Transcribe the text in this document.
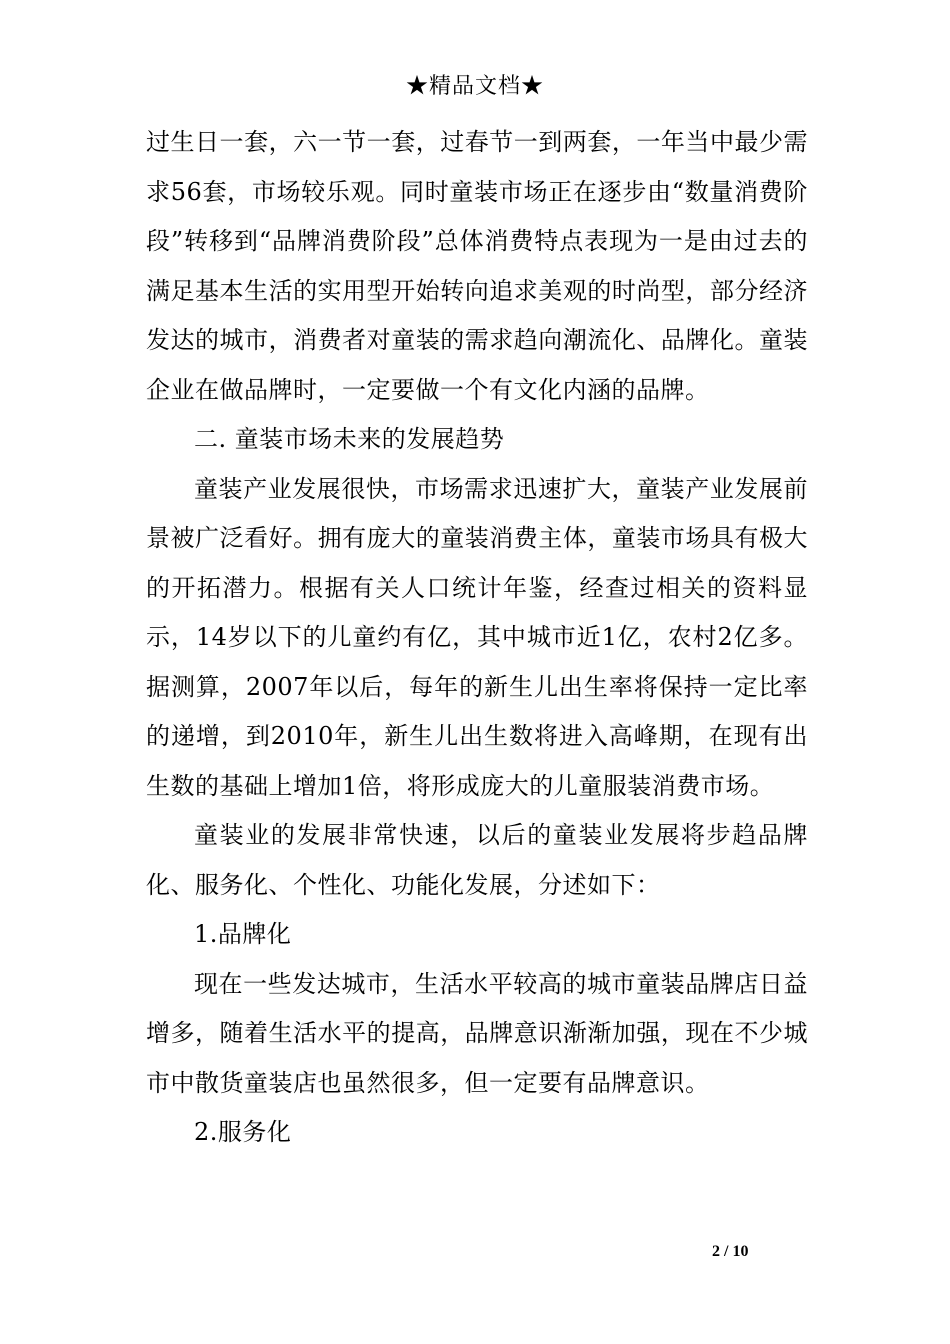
★精品文档★

过生日一套，六一节一套，过春节一到两套，一年当中最少需求56套，市场较乐观。同时童装市场正在逐步由“数量消费阶段”转移到“品牌消费阶段”总体消费特点表现为一是由过去的满足基本生活的实用型开始转向追求美观的时尚型，部分经济发达的城市，消费者对童装的需求趋向潮流化、品牌化。童装企业在做品牌时，一定要做一个有文化内涵的品牌。

二. 童装市场未来的发展趋势

童装产业发展很快，市场需求迅速扩大，童装产业发展前景被广泛看好。拥有庞大的童装消费主体，童装市场具有极大的开拓潜力。根据有关人口统计年鉴，经查过相关的资料显示，14岁以下的儿童约有亿，其中城市近1亿，农村2亿多。据测算，2007年以后，每年的新生儿出生率将保持一定比率的递增，到2010年，新生儿出生数将进入高峰期，在现有出生数的基础上增加1倍，将形成庞大的儿童服装消费市场。

童装业的发展非常快速，以后的童装业发展将步趋品牌化、服务化、个性化、功能化发展，分述如下：

1.品牌化

现在一些发达城市，生活水平较高的城市童装品牌店日益增多，随着生活水平的提高，品牌意识渐渐加强，现在不少城市中散货童装店也虽然很多，但一定要有品牌意识。

2.服务化

2 / 10
